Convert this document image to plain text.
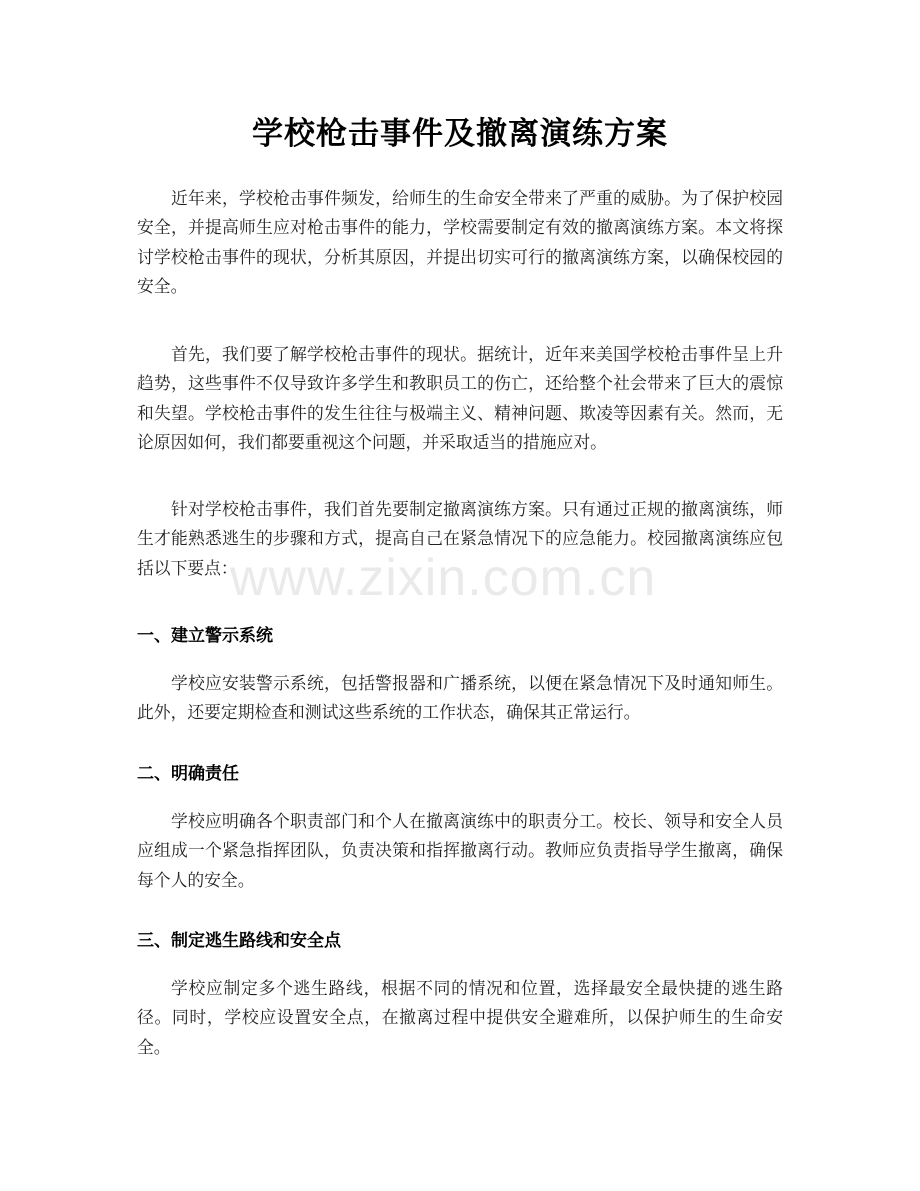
学校枪击事件及撤离演练方案

近年来，学校枪击事件频发，给师生的生命安全带来了严重的威胁。为了保护校园安全，并提高师生应对枪击事件的能力，学校需要制定有效的撤离演练方案。本文将探讨学校枪击事件的现状，分析其原因，并提出切实可行的撤离演练方案，以确保校园的安全。

首先，我们要了解学校枪击事件的现状。据统计，近年来美国学校枪击事件呈上升趋势，这些事件不仅导致许多学生和教职员工的伤亡，还给整个社会带来了巨大的震惊和失望。学校枪击事件的发生往往与极端主义、精神问题、欺凌等因素有关。然而，无论原因如何，我们都要重视这个问题，并采取适当的措施应对。

针对学校枪击事件，我们首先要制定撤离演练方案。只有通过正规的撤离演练，师生才能熟悉逃生的步骤和方式，提高自己在紧急情况下的应急能力。校园撤离演练应包括以下要点：

www.zixin.com.cn
一、建立警示系统

学校应安装警示系统，包括警报器和广播系统，以便在紧急情况下及时通知师生。此外，还要定期检查和测试这些系统的工作状态，确保其正常运行。

二、明确责任

学校应明确各个职责部门和个人在撤离演练中的职责分工。校长、领导和安全人员应组成一个紧急指挥团队，负责决策和指挥撤离行动。教师应负责指导学生撤离，确保每个人的安全。

三、制定逃生路线和安全点

学校应制定多个逃生路线，根据不同的情况和位置，选择最安全最快捷的逃生路径。同时，学校应设置安全点，在撤离过程中提供安全避难所，以保护师生的生命安全。
